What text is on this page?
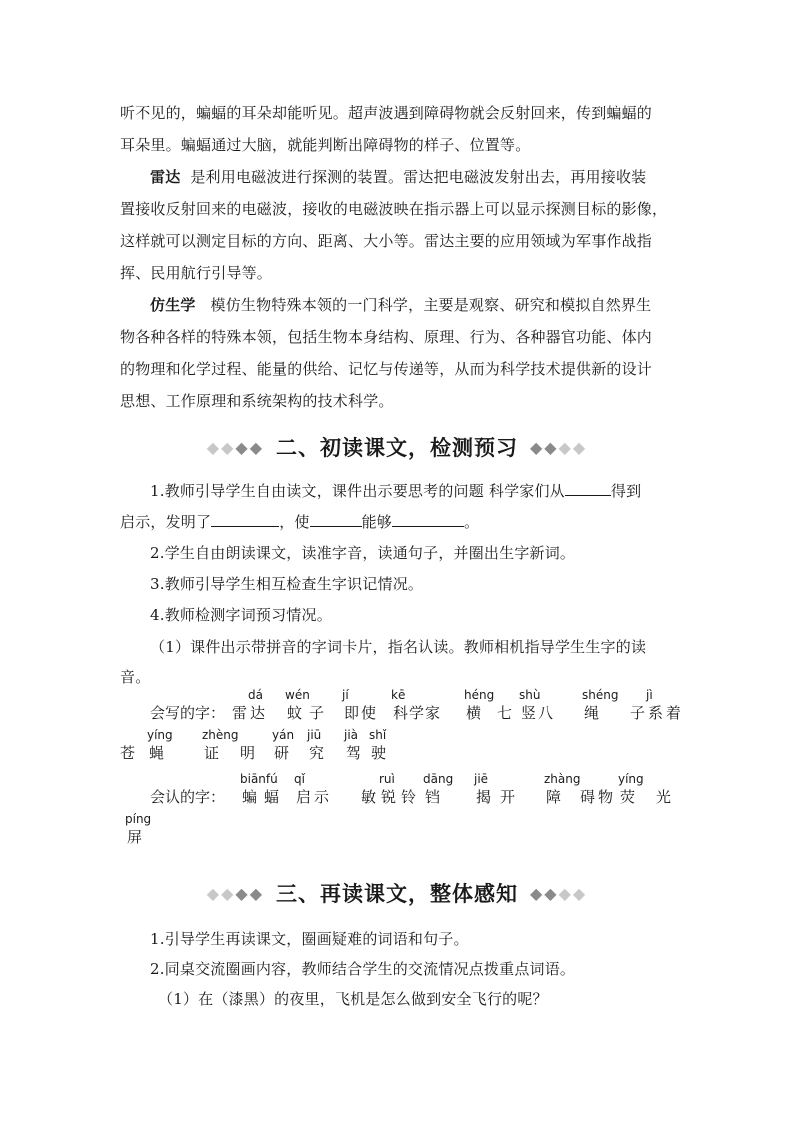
听不见的，蝙蝠的耳朵却能听见。超声波遇到障碍物就会反射回来，传到蝙蝠的
耳朵里。蝙蝠通过大脑，就能判断出障碍物的样子、位置等。
雷达 是利用电磁波进行探测的装置。雷达把电磁波发射出去，再用接收装
置接收反射回来的电磁波，接收的电磁波映在指示器上可以显示探测目标的影像，
这样就可以测定目标的方向、距离、大小等。雷达主要的应用领域为军事作战指
挥、民用航行引导等。
仿生学 模仿生物特殊本领的一门科学，主要是观察、研究和模拟自然界生
物各种各样的特殊本领，包括生物本身结构、原理、行为、各种器官功能、体内
的物理和化学过程、能量的供给、记忆与传递等，从而为科学技术提供新的设计
思想、工作原理和系统架构的技术科学。
◆◆◆◆ 二、初读课文，检测预习 ◆◆◆◆
1.教师引导学生自由读文，课件出示要思考的问题 科学家们从	得到
启示，发明了	，使	能够	。
2.学生自由朗读课文，读准字音，读通句子，并圈出生字新词。
3.教师引导学生相互检查生字识记情况。
4.教师检测字词预习情况。
（1）课件出示带拼音的字词卡片，指名认读。教师相机指导学生生字的读
音。
会写的字： 雷
dá
达
wén
蚊 子
jí
即 使
kē
科 学 家
héng
横 七
shù
竖 八
shéng
绳 子
jì
系 着
苍
yíng
蝇
zhèng
证 明
yán
研
jiū
究
jià
驾
shǐ
驶
会认的字：
biānfú
蝙 蝠
qǐ
启 示 敏
ruì
锐 铃
dāng
铛
jiē
揭 开
zhàng
障 碍 物
yíng
荧 光
píng
屏
◆◆◆◆ 三、再读课文，整体感知 ◆◆◆◆
1.引导学生再读课文，圈画疑难的词语和句子。
2.同桌交流圈画内容，教师结合学生的交流情况点拨重点词语。
（1）在（漆黑）的夜里，飞机是怎么做到安全飞行的呢？
